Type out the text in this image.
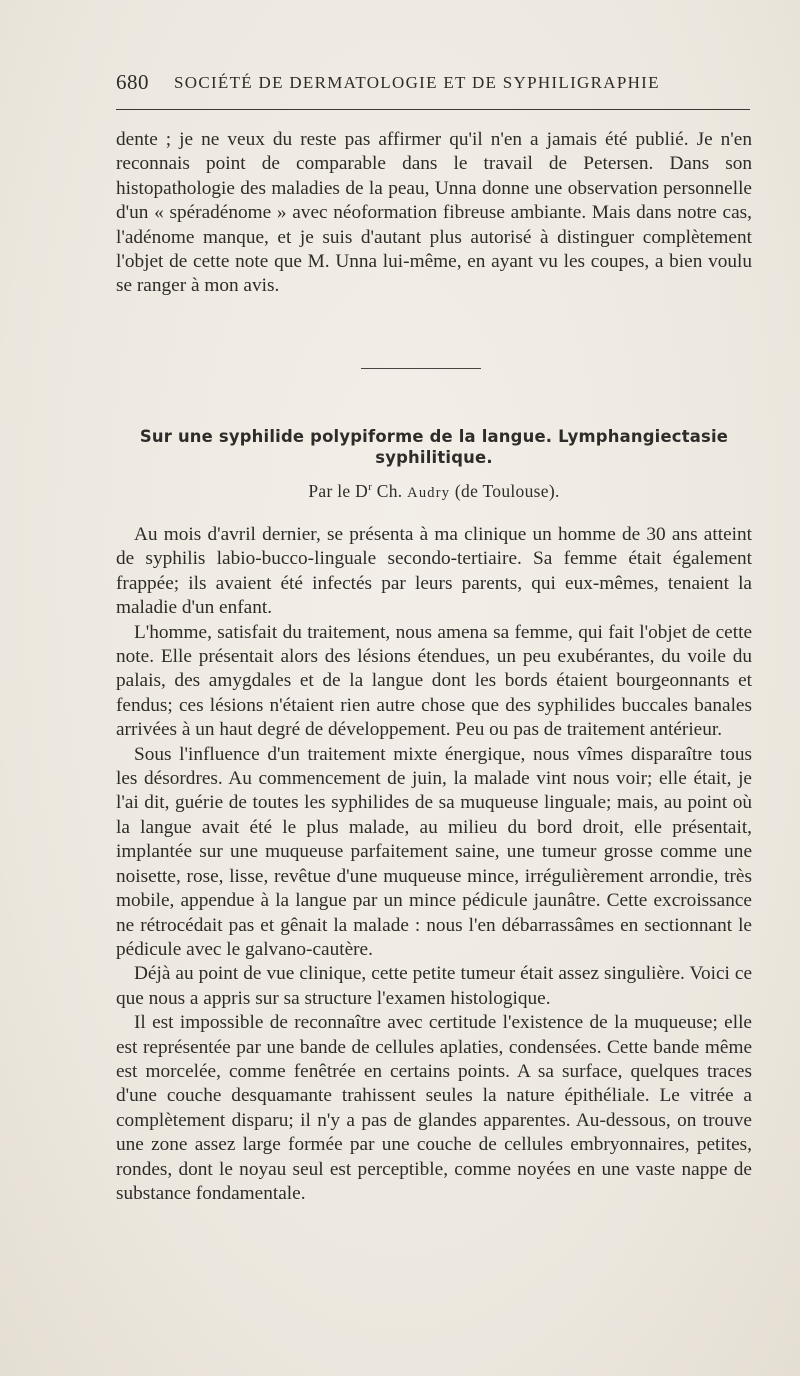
680 SOCIÉTÉ DE DERMATOLOGIE ET DE SYPHILIGRAPHIE

dente ; je ne veux du reste pas affirmer qu'il n'en a jamais été publié. Je n'en reconnais point de comparable dans le travail de Petersen. Dans son histopathologie des maladies de la peau, Unna donne une observation personnelle d'un « spéradénome » avec néoformation fibreuse ambiante. Mais dans notre cas, l'adénome manque, et je suis d'autant plus autorisé à distinguer complètement l'objet de cette note que M. Unna lui-même, en ayant vu les coupes, a bien voulu se ranger à mon avis.

Sur une syphilide polypiforme de la langue. Lymphangiectasie
syphilitique.
Par le $D^r$ Ch. Audry (de Toulouse).

Au mois d'avril dernier, se présenta à ma clinique un homme de 30 ans atteint de syphilis labio-bucco-linguale secondo-tertiaire. Sa femme était également frappée; ils avaient été infectés par leurs parents, qui eux-mêmes, tenaient la maladie d'un enfant.

L'homme, satisfait du traitement, nous amena sa femme, qui fait l'objet de cette note. Elle présentait alors des lésions étendues, un peu exubérantes, du voile du palais, des amygdales et de la langue dont les bords étaient bourgeonnants et fendus; ces lésions n'étaient rien autre chose que des syphilides buccales banales arrivées à un haut degré de développement. Peu ou pas de traitement antérieur.

Sous l'influence d'un traitement mixte énergique, nous vîmes disparaître tous les désordres. Au commencement de juin, la malade vint nous voir; elle était, je l'ai dit, guérie de toutes les syphilides de sa muqueuse linguale; mais, au point où la langue avait été le plus malade, au milieu du bord droit, elle présentait, implantée sur une muqueuse parfaitement saine, une tumeur grosse comme une noisette, rose, lisse, revêtue d'une muqueuse mince, irrégulièrement arrondie, très mobile, appendue à la langue par un mince pédicule jaunâtre. Cette excroissance ne rétrocédait pas et gênait la malade : nous l'en débarrassâmes en sectionnant le pédicule avec le galvano-cautère.

Déjà au point de vue clinique, cette petite tumeur était assez singulière. Voici ce que nous a appris sur sa structure l'examen histologique.

Il est impossible de reconnaître avec certitude l'existence de la muqueuse; elle est représentée par une bande de cellules aplaties, condensées. Cette bande même est morcelée, comme fenêtrée en certains points. A sa surface, quelques traces d'une couche desquamante trahissent seules la nature épithéliale. Le vitrée a complètement disparu; il n'y a pas de glandes apparentes. Au-dessous, on trouve une zone assez large formée par une couche de cellules embryonnaires, petites, rondes, dont le noyau seul est perceptible, comme noyées en une vaste nappe de substance fondamentale.
